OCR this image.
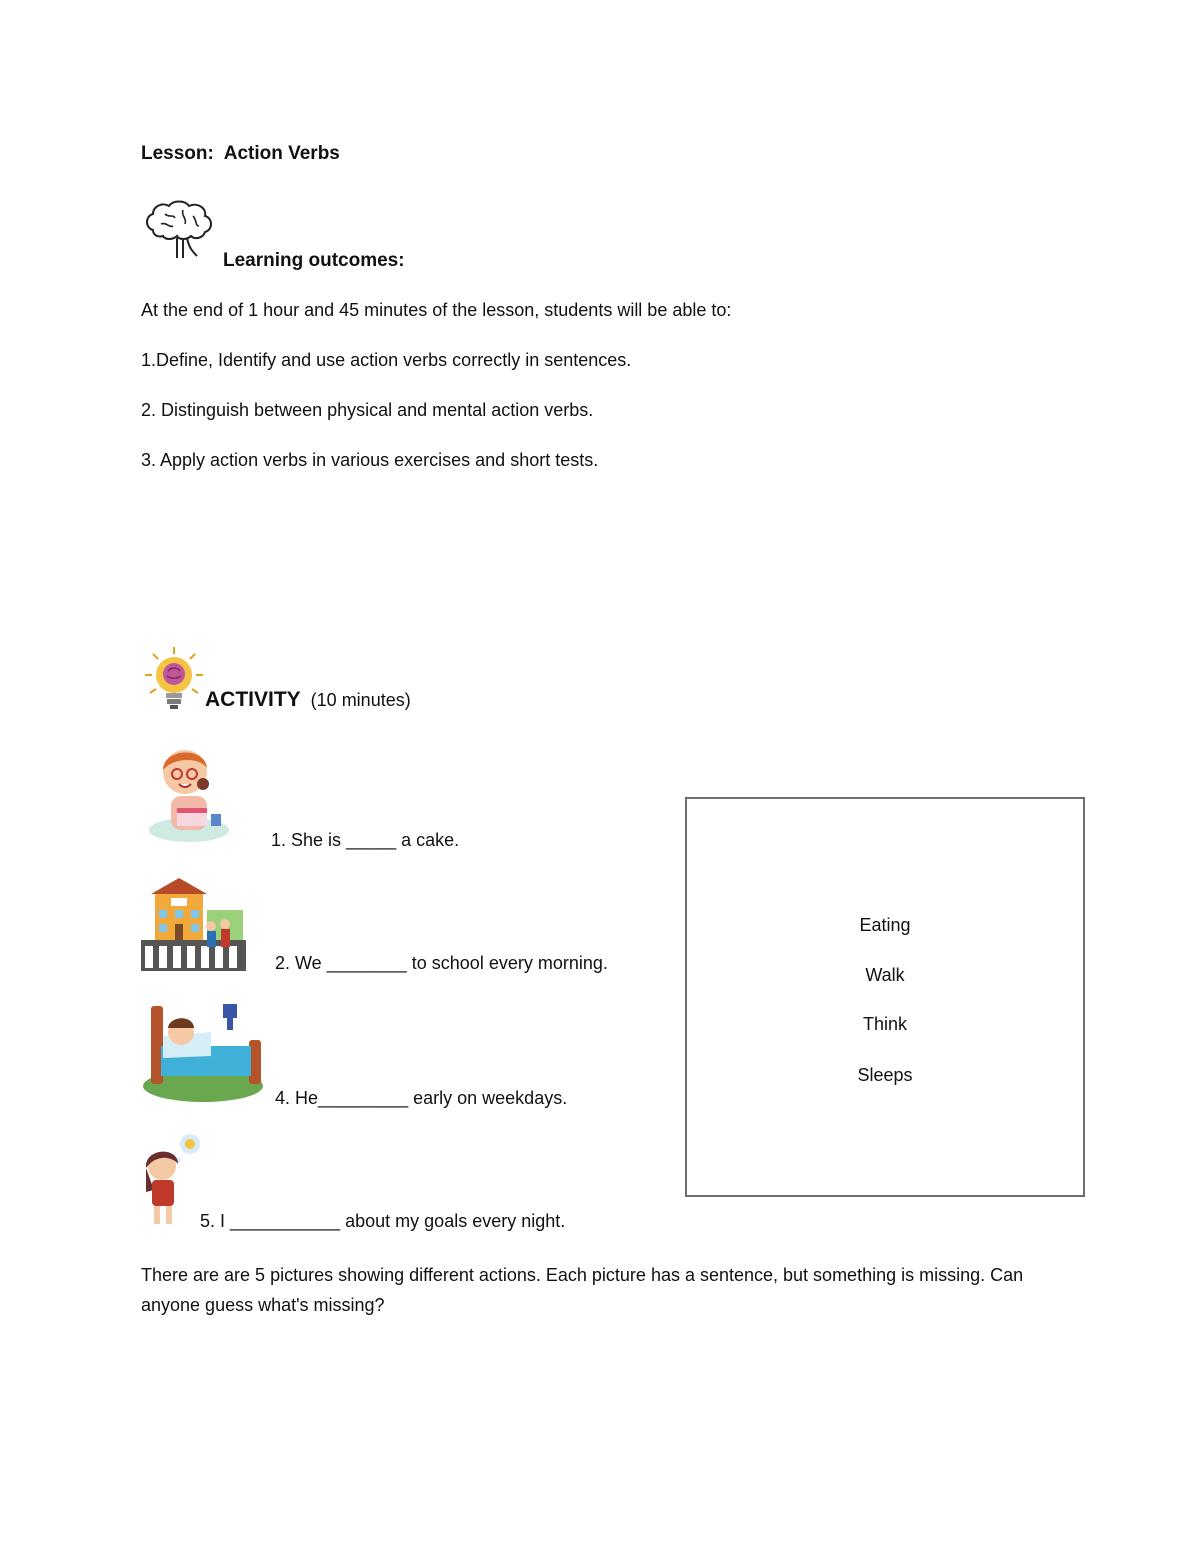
Lesson: Action Verbs
Learning outcomes:
At the end of 1 hour and 45 minutes of the lesson, students will be able to:
1.Define, Identify and use action verbs correctly in sentences.
2. Distinguish between physical and mental action verbs.
3. Apply action verbs in various exercises and short tests.
ACTIVITY (10 minutes)
1. She is _____ a cake.
2. We ________ to school every morning.
4. He_________ early on weekdays.
5. I ___________ about my goals every night.
Eating
Walk
Think
Sleeps
There are are 5 pictures showing different actions. Each picture has a sentence, but something is missing. Can anyone guess what's missing?
